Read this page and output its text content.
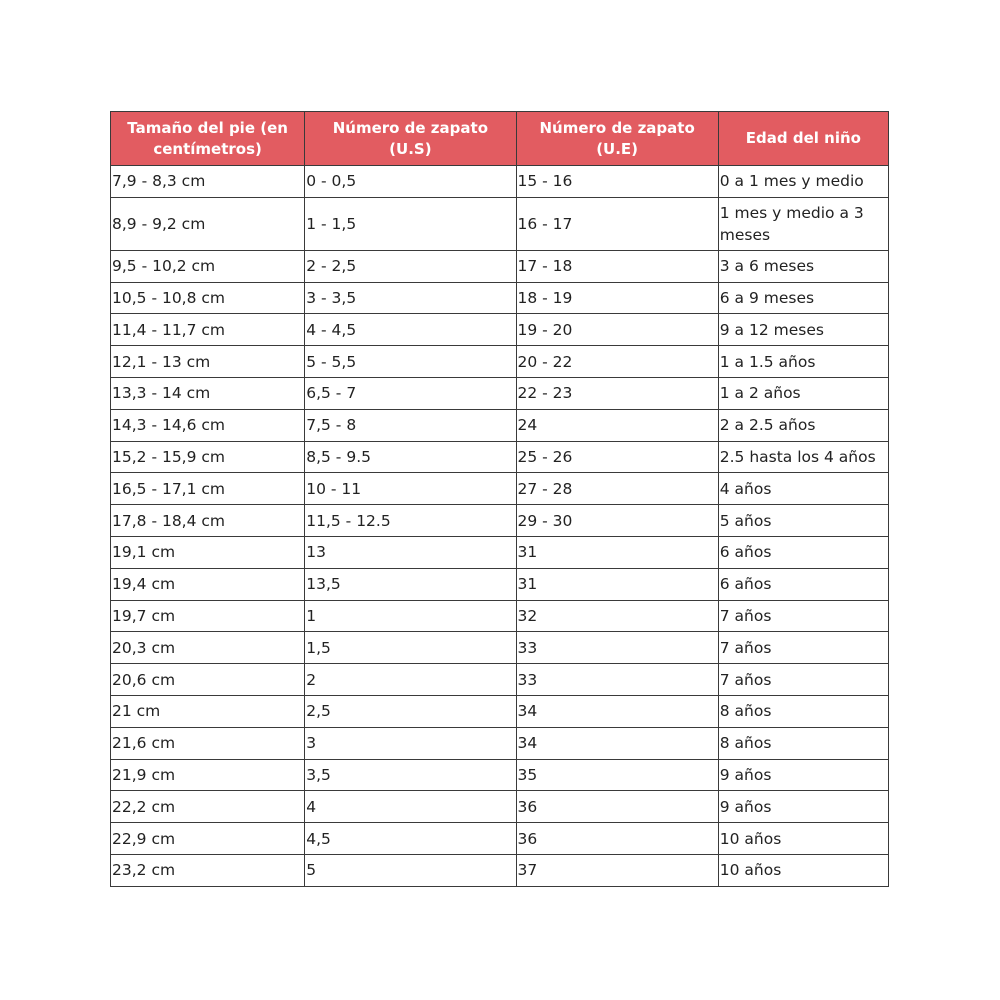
Tamaño del pie (en centímetros)	Número de zapato (U.S)	Número de zapato (U.E)	Edad del niño
7,9 - 8,3 cm	0 - 0,5	15 - 16	0 a 1 mes y medio
8,9 - 9,2 cm	1 - 1,5	16 - 17	1 mes y medio a 3 meses
9,5 - 10,2 cm	2 - 2,5	17 - 18	3 a 6 meses
10,5 - 10,8 cm	3 - 3,5	18 - 19	6 a 9 meses
11,4 - 11,7 cm	4 - 4,5	19 - 20	9 a 12 meses
12,1 - 13 cm	5 - 5,5	20 - 22	1 a 1.5 años
13,3 - 14 cm	6,5 - 7	22 - 23	1 a 2 años
14,3 - 14,6 cm	7,5 - 8	24	2 a 2.5 años
15,2 - 15,9 cm	8,5 - 9.5	25 - 26	2.5 hasta los 4 años
16,5 - 17,1 cm	10 - 11	27 - 28	4 años
17,8 - 18,4 cm	11,5 - 12.5	29 - 30	5 años
19,1 cm	13	31	6 años
19,4 cm	13,5	31	6 años
19,7 cm	1	32	7 años
20,3 cm	1,5	33	7 años
20,6 cm	2	33	7 años
21 cm	2,5	34	8 años
21,6 cm	3	34	8 años
21,9 cm	3,5	35	9 años
22,2 cm	4	36	9 años
22,9 cm	4,5	36	10 años
23,2 cm	5	37	10 años
